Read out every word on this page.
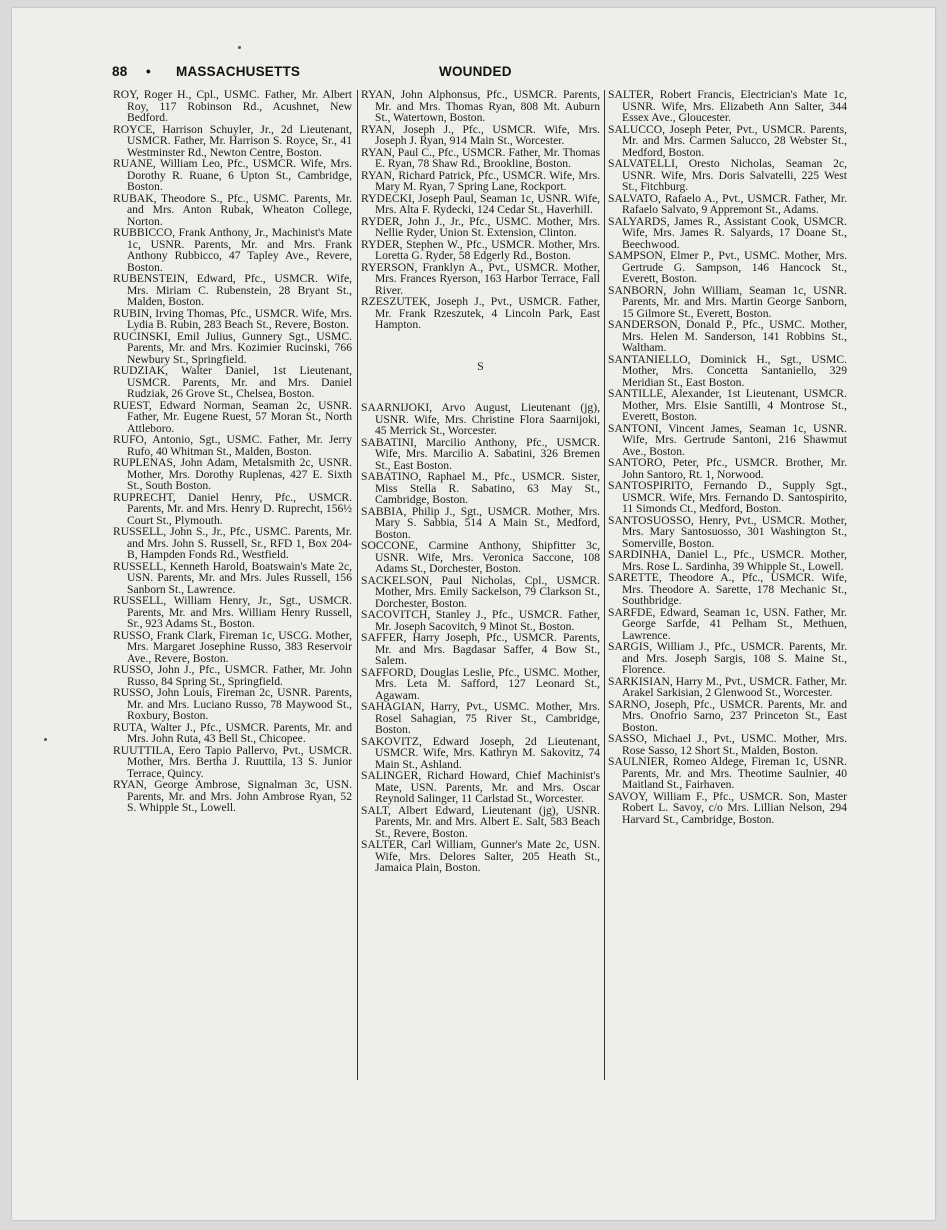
88 • MASSACHUSETTS	WOUNDED

ROY, Roger H., Cpl., USMC. Father, Mr. Albert Roy, 117 Robinson Rd., Acushnet, New Bedford.

ROYCE, Harrison Schuyler, Jr., 2d Lieutenant, USMCR. Father, Mr. Harrison S. Royce, Sr., 41 Westminster Rd., Newton Centre, Boston.

RUANE, William Leo, Pfc., USMCR. Wife, Mrs. Dorothy R. Ruane, 6 Upton St., Cambridge, Boston.

RUBAK, Theodore S., Pfc., USMC. Parents, Mr. and Mrs. Anton Rubak, Wheaton College, Norton.

RUBBICCO, Frank Anthony, Jr., Machinist's Mate 1c, USNR. Parents, Mr. and Mrs. Frank Anthony Rubbicco, 47 Tapley Ave., Revere, Boston.

RUBENSTEIN, Edward, Pfc., USMCR. Wife, Mrs. Miriam C. Rubenstein, 28 Bryant St., Malden, Boston.

RUBIN, Irving Thomas, Pfc., USMCR. Wife, Mrs. Lydia B. Rubin, 283 Beach St., Revere, Boston.

RUCINSKI, Emil Julius, Gunnery Sgt., USMC. Parents, Mr. and Mrs. Kozimier Rucinski, 766 Newbury St., Springfield.

RUDZIAK, Walter Daniel, 1st Lieutenant, USMCR. Parents, Mr. and Mrs. Daniel Rudziak, 26 Grove St., Chelsea, Boston.

RUEST, Edward Norman, Seaman 2c, USNR. Father, Mr. Eugene Ruest, 57 Moran St., North Attleboro.

RUFO, Antonio, Sgt., USMC. Father, Mr. Jerry Rufo, 40 Whitman St., Malden, Boston.

RUPLENAS, John Adam, Metalsmith 2c, USNR. Mother, Mrs. Dorothy Ruplenas, 427 E. Sixth St., South Boston.

RUPRECHT, Daniel Henry, Pfc., USMCR. Parents, Mr. and Mrs. Henry D. Ruprecht, 156½ Court St., Plymouth.

RUSSELL, John S., Jr., Pfc., USMC. Parents, Mr. and Mrs. John S. Russell, Sr., RFD 1, Box 204-B, Hampden Fonds Rd., Westfield.

RUSSELL, Kenneth Harold, Boatswain's Mate 2c, USN. Parents, Mr. and Mrs. Jules Russell, 156 Sanborn St., Lawrence.

RUSSELL, William Henry, Jr., Sgt., USMCR. Parents, Mr. and Mrs. William Henry Russell, Sr., 923 Adams St., Boston.

RUSSO, Frank Clark, Fireman 1c, USCG. Mother, Mrs. Margaret Josephine Russo, 383 Reservoir Ave., Revere, Boston.

RUSSO, John J., Pfc., USMCR. Father, Mr. John Russo, 84 Spring St., Springfield.

RUSSO, John Louis, Fireman 2c, USNR. Parents, Mr. and Mrs. Luciano Russo, 78 Maywood St., Roxbury, Boston.

RUTA, Walter J., Pfc., USMCR. Parents, Mr. and Mrs. John Ruta, 43 Bell St., Chicopee.

RUUTTILA, Eero Tapio Pallervo, Pvt., USMCR. Mother, Mrs. Bertha J. Ruuttila, 13 S. Junior Terrace, Quincy.

RYAN, George Ambrose, Signalman 3c, USN. Parents, Mr. and Mrs. John Ambrose Ryan, 52 S. Whipple St., Lowell.

RYAN, John Alphonsus, Pfc., USMCR. Parents, Mr. and Mrs. Thomas Ryan, 808 Mt. Auburn St., Watertown, Boston.

RYAN, Joseph J., Pfc., USMCR. Wife, Mrs. Joseph J. Ryan, 914 Main St., Worcester.

RYAN, Paul C., Pfc., USMCR. Father, Mr. Thomas E. Ryan, 78 Shaw Rd., Brookline, Boston.

RYAN, Richard Patrick, Pfc., USMCR. Wife, Mrs. Mary M. Ryan, 7 Spring Lane, Rockport.

RYDECKI, Joseph Paul, Seaman 1c, USNR. Wife, Mrs. Alta F. Rydecki, 124 Cedar St., Haverhill.

RYDER, John J., Jr., Pfc., USMC. Mother, Mrs. Nellie Ryder, Union St. Extension, Clinton.

RYDER, Stephen W., Pfc., USMCR. Mother, Mrs. Loretta G. Ryder, 58 Edgerly Rd., Boston.

RYERSON, Franklyn A., Pvt., USMCR. Mother, Mrs. Frances Ryerson, 163 Harbor Terrace, Fall River.

RZESZUTEK, Joseph J., Pvt., USMCR. Father, Mr. Frank Rzeszutek, 4 Lincoln Park, East Hampton.

S

SAARNIJOKI, Arvo August, Lieutenant (jg), USNR. Wife, Mrs. Christine Flora Saarnijoki, 45 Merrick St., Worcester.

SABATINI, Marcilio Anthony, Pfc., USMCR. Wife, Mrs. Marcilio A. Sabatini, 326 Bremen St., East Boston.

SABATINO, Raphael M., Pfc., USMCR. Sister, Miss Stella R. Sabatino, 63 May St., Cambridge, Boston.

SABBIA, Philip J., Sgt., USMCR. Mother, Mrs. Mary S. Sabbia, 514 A Main St., Medford, Boston.

SOCCONE, Carmine Anthony, Shipfitter 3c, USNR. Wife, Mrs. Veronica Saccone, 108 Adams St., Dorchester, Boston.

SACKELSON, Paul Nicholas, Cpl., USMCR. Mother, Mrs. Emily Sackelson, 79 Clarkson St., Dorchester, Boston.

SACOVITCH, Stanley J., Pfc., USMCR. Father, Mr. Joseph Sacovitch, 9 Minot St., Boston.

SAFFER, Harry Joseph, Pfc., USMCR. Parents, Mr. and Mrs. Bagdasar Saffer, 4 Bow St., Salem.

SAFFORD, Douglas Leslie, Pfc., USMC. Mother, Mrs. Leta M. Safford, 127 Leonard St., Agawam.

SAHAGIAN, Harry, Pvt., USMC. Mother, Mrs. Rosel Sahagian, 75 River St., Cambridge, Boston.

SAKOVITZ, Edward Joseph, 2d Lieutenant, USMCR. Wife, Mrs. Kathryn M. Sakovitz, 74 Main St., Ashland.

SALINGER, Richard Howard, Chief Machinist's Mate, USN. Parents, Mr. and Mrs. Oscar Reynold Salinger, 11 Carlstad St., Worcester.

SALT, Albert Edward, Lieutenant (jg), USNR. Parents, Mr. and Mrs. Albert E. Salt, 583 Beach St., Revere, Boston.

SALTER, Carl William, Gunner's Mate 2c, USN. Wife, Mrs. Delores Salter, 205 Heath St., Jamaica Plain, Boston.

SALTER, Robert Francis, Electrician's Mate 1c, USNR. Wife, Mrs. Elizabeth Ann Salter, 344 Essex Ave., Gloucester.

SALUCCO, Joseph Peter, Pvt., USMCR. Parents, Mr. and Mrs. Carmen Salucco, 28 Webster St., Medford, Boston.

SALVATELLI, Oresto Nicholas, Seaman 2c, USNR. Wife, Mrs. Doris Salvatelli, 225 West St., Fitchburg.

SALVATO, Rafaelo A., Pvt., USMCR. Father, Mr. Rafaelo Salvato, 9 Appremont St., Adams.

SALYARDS, James R., Assistant Cook, USMCR. Wife, Mrs. James R. Salyards, 17 Doane St., Beechwood.

SAMPSON, Elmer P., Pvt., USMC. Mother, Mrs. Gertrude G. Sampson, 146 Hancock St., Everett, Boston.

SANBORN, John William, Seaman 1c, USNR. Parents, Mr. and Mrs. Martin George Sanborn, 15 Gilmore St., Everett, Boston.

SANDERSON, Donald P., Pfc., USMC. Mother, Mrs. Helen M. Sanderson, 141 Robbins St., Waltham.

SANTANIELLO, Dominick H., Sgt., USMC. Mother, Mrs. Concetta Santaniello, 329 Meridian St., East Boston.

SANTILLE, Alexander, 1st Lieutenant, USMCR. Mother, Mrs. Elsie Santilli, 4 Montrose St., Everett, Boston.

SANTONI, Vincent James, Seaman 1c, USNR. Wife, Mrs. Gertrude Santoni, 216 Shawmut Ave., Boston.

SANTORO, Peter, Pfc., USMCR. Brother, Mr. John Santoro, Rt. 1, Norwood.

SANTOSPIRITO, Fernando D., Supply Sgt., USMCR. Wife, Mrs. Fernando D. Santospirito, 11 Simonds Ct., Medford, Boston.

SANTOSUOSSO, Henry, Pvt., USMCR. Mother, Mrs. Mary Santosuosso, 301 Washington St., Somerville, Boston.

SARDINHA, Daniel L., Pfc., USMCR. Mother, Mrs. Rose L. Sardinha, 39 Whipple St., Lowell.

SARETTE, Theodore A., Pfc., USMCR. Wife, Mrs. Theodore A. Sarette, 178 Mechanic St., Southbridge.

SARFDE, Edward, Seaman 1c, USN. Father, Mr. George Sarfde, 41 Pelham St., Methuen, Lawrence.

SARGIS, William J., Pfc., USMCR. Parents, Mr. and Mrs. Joseph Sargis, 108 S. Maine St., Florence.

SARKISIAN, Harry M., Pvt., USMCR. Father, Mr. Arakel Sarkisian, 2 Glenwood St., Worcester.

SARNO, Joseph, Pfc., USMCR. Parents, Mr. and Mrs. Onofrio Sarno, 237 Princeton St., East Boston.

SASSO, Michael J., Pvt., USMC. Mother, Mrs. Rose Sasso, 12 Short St., Malden, Boston.

SAULNIER, Romeo Aldege, Fireman 1c, USNR. Parents, Mr. and Mrs. Theotime Saulnier, 40 Maitland St., Fairhaven.

SAVOY, William F., Pfc., USMCR. Son, Master Robert L. Savoy, c/o Mrs. Lillian Nelson, 294 Harvard St., Cambridge, Boston.
